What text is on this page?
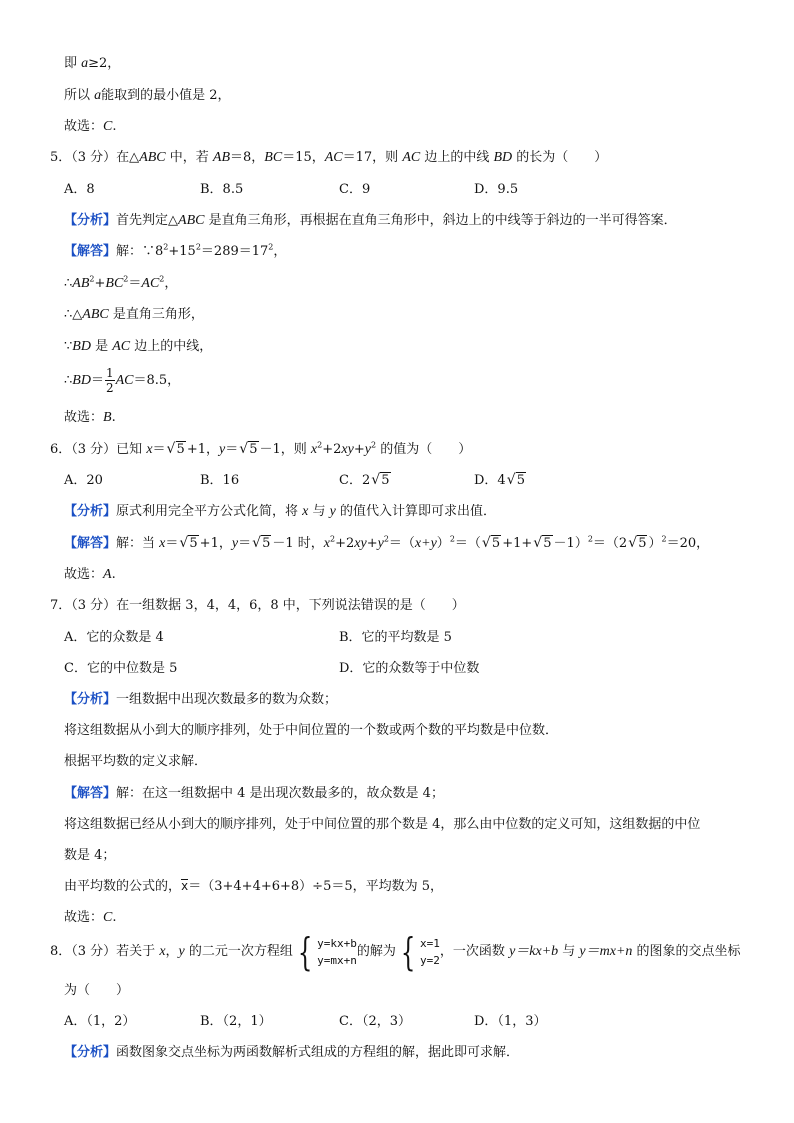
即 a≥2，
所以 a能取到的最小值是 2，
故选：C.
5．（3 分）在△ABC 中，若 AB＝8，BC＝15，AC＝17，则 AC 边上的中线 BD 的长为（　　）
A．8	B．8.5	C．9	D．9.5
【分析】首先判定△ABC 是直角三角形，再根据在直角三角形中，斜边上的中线等于斜边的一半可得答案．
【解答】解：$\because 8^2+15^2=289=17^2$，
$\therefore AB^2+BC^2=AC^2$，
∴△ABC 是直角三角形，
∵BD 是 AC 边上的中线，
∴BD＝ $\frac{1}{2} AC=8.5$，
故选：B.
6．（3 分）已知 x＝ √ 5 +1，y＝ √ 5 －1，则 $x^2+2xy+y^2$ 的值为（　　）
A．20	B．16	C．2 √ 5	D．4 √ 5
【分析】原式利用完全平方公式化简，将 x 与 y 的值代入计算即可求出值．
【解答】解：当 x＝ √ 5 +1，y＝ √ 5 －1 时，$x^2+2xy+y^2=(x+y)^2=$（ √ 5 +1+ √ 5 －1）$^2$＝（2 √ 5 ）$^2$＝20，
故选：A.
7．（3 分）在一组数据 3，4，4，6，8 中，下列说法错误的是（　　）
A．它的众数是 4	B．它的平均数是 5
C．它的中位数是 5	D．它的众数等于中位数
【分析】一组数据中出现次数最多的数为众数；
将这组数据从小到大的顺序排列，处于中间位置的一个数或两个数的平均数是中位数．
根据平均数的定义求解．
【解答】解：在这一组数据中 4 是出现次数最多的，故众数是 4；
将这组数据已经从小到大的顺序排列，处于中间位置的那个数是 4，那么由中位数的定义可知，这组数据的中位
数是 4；
由平均数的公式的，x＝（3+4+4+6+8）÷5＝5，平均数为 5，
故选：C.
8．（3 分）若关于 x，y 的二元一次方程组 { y=kx+b
y=mx+n
的解为 { x=1
y=2
，一次函数 y＝kx+b 与 y＝mx+n 的图象的交点坐标
为（　　）
A．（1，2）	B．（2，1）	C．（2，3）	D．（1，3）
【分析】函数图象交点坐标为两函数解析式组成的方程组的解，据此即可求解．
